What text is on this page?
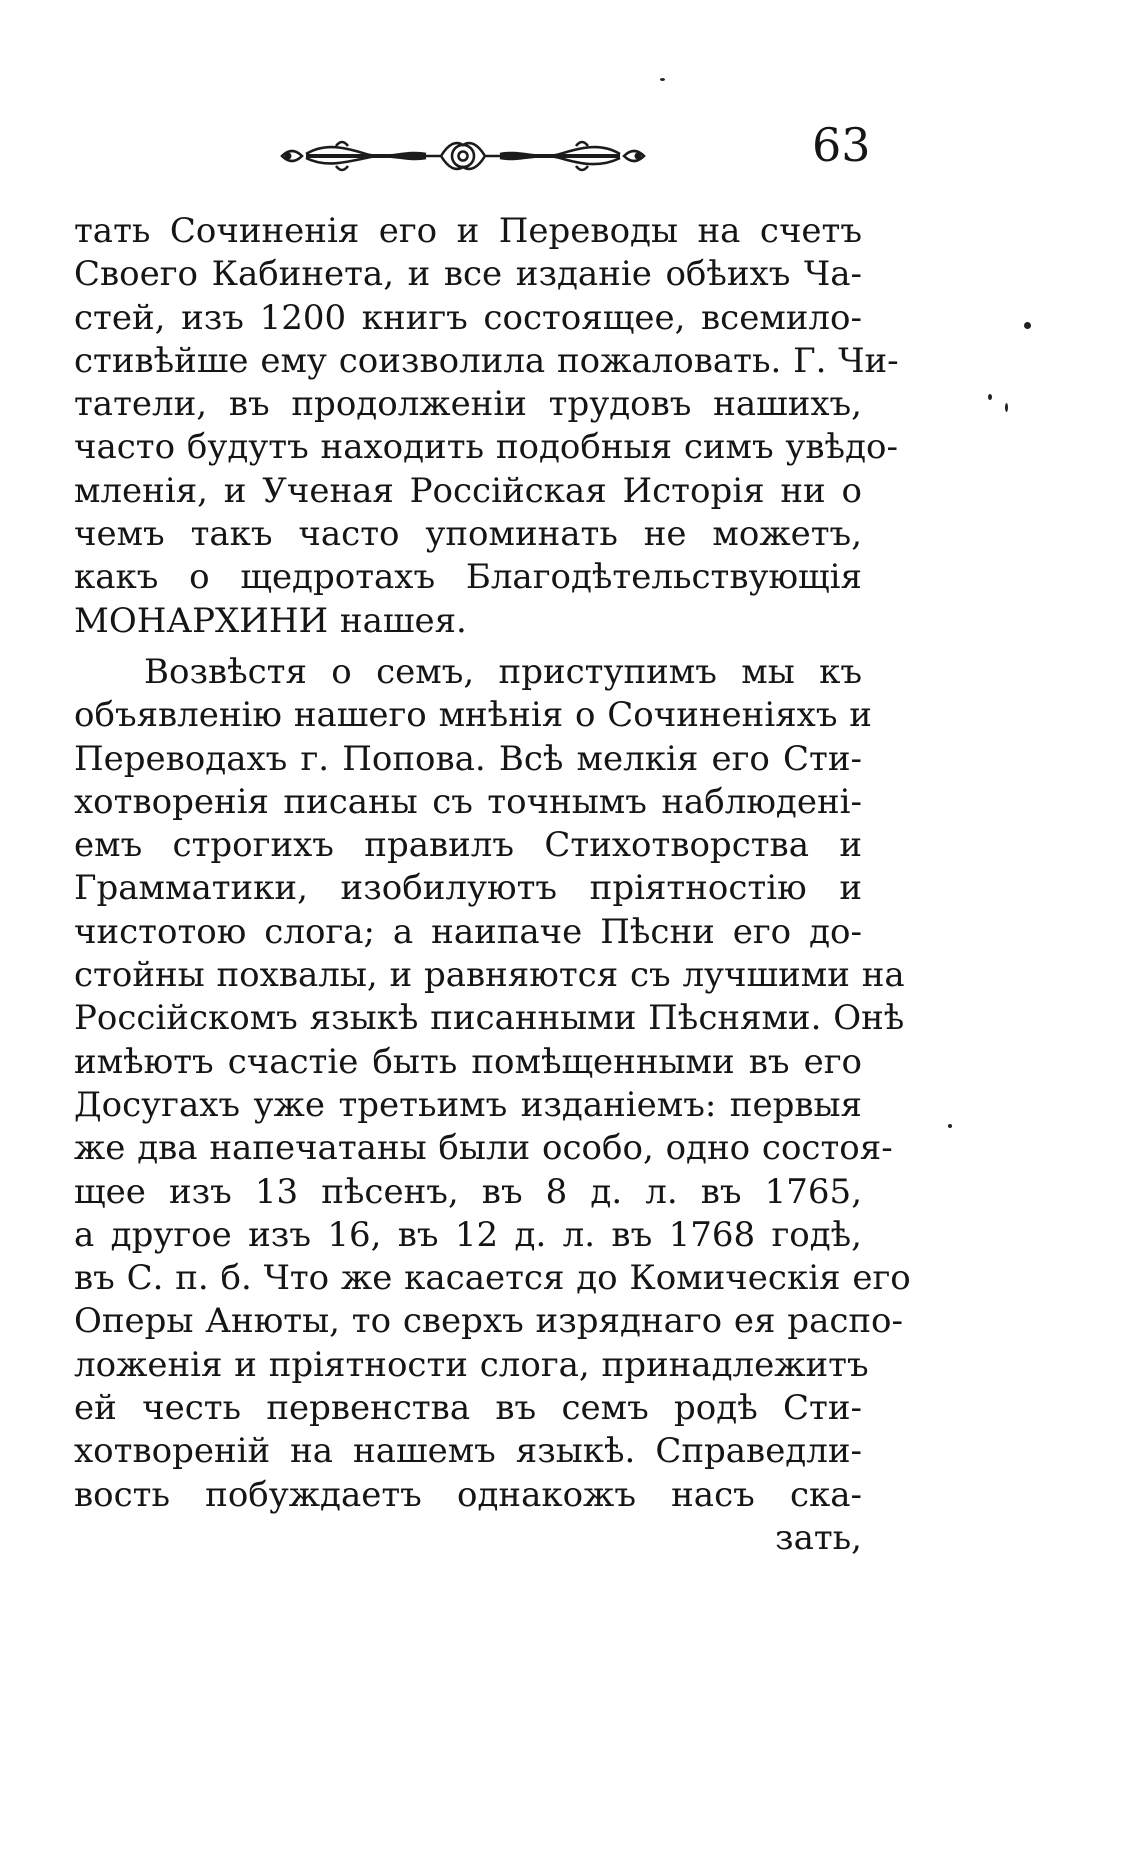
63
тать Сочиненія его и Переводы на счетъ
Своего Кабинета, и все изданіе обѣихъ Ча-
стей, изъ 1200 книгъ состоящее, всемило-
стивѣйше ему соизволила пожаловать. Г. Чи-
татели, въ продолженіи трудовъ нашихъ,
часто будутъ находить подобныя симъ увѣдо-
мленія, и Ученая Россійская Исторія ни о
чемъ такъ часто упоминать не можетъ,
какъ о щедротахъ Благодѣтельствующія
МОНАРХИНИ нашея.
Возвѣстя о семъ, приступимъ мы къ
объявленію нашего мнѣнія о Сочиненіяхъ и
Переводахъ г. Попова. Всѣ мелкія его Сти-
хотворенія писаны съ точнымъ наблюденi-
емъ строгихъ правилъ Стихотворства и
Грамматики, изобилуютъ пріятностію и
чистотою слога; а наипаче Пѣсни его до-
стойны похвалы, и равняются съ лучшими на
Россійскомъ языкѣ писанными Пѣснями. Онѣ
имѣютъ счастіе быть помѣщенными въ его
Досугахъ уже третьимъ изданіемъ: первыя
же два напечатаны были особо, одно состоя-
щее изъ 13 пѣсенъ, въ 8 д. л. въ 1765,
а другое изъ 16, въ 12 д. л. въ 1768 годѣ,
въ С. п. б. Что же касается до Комическія его
Оперы Анюты, то сверхъ изряднаго ея распо-
ложенія и пріятности слога, принадлежитъ
ей честь первенства въ семъ родѣ Сти-
хотвореній на нашемъ языкѣ. Справедли-
вость побуждаетъ однакожъ насъ ска-
зать,
